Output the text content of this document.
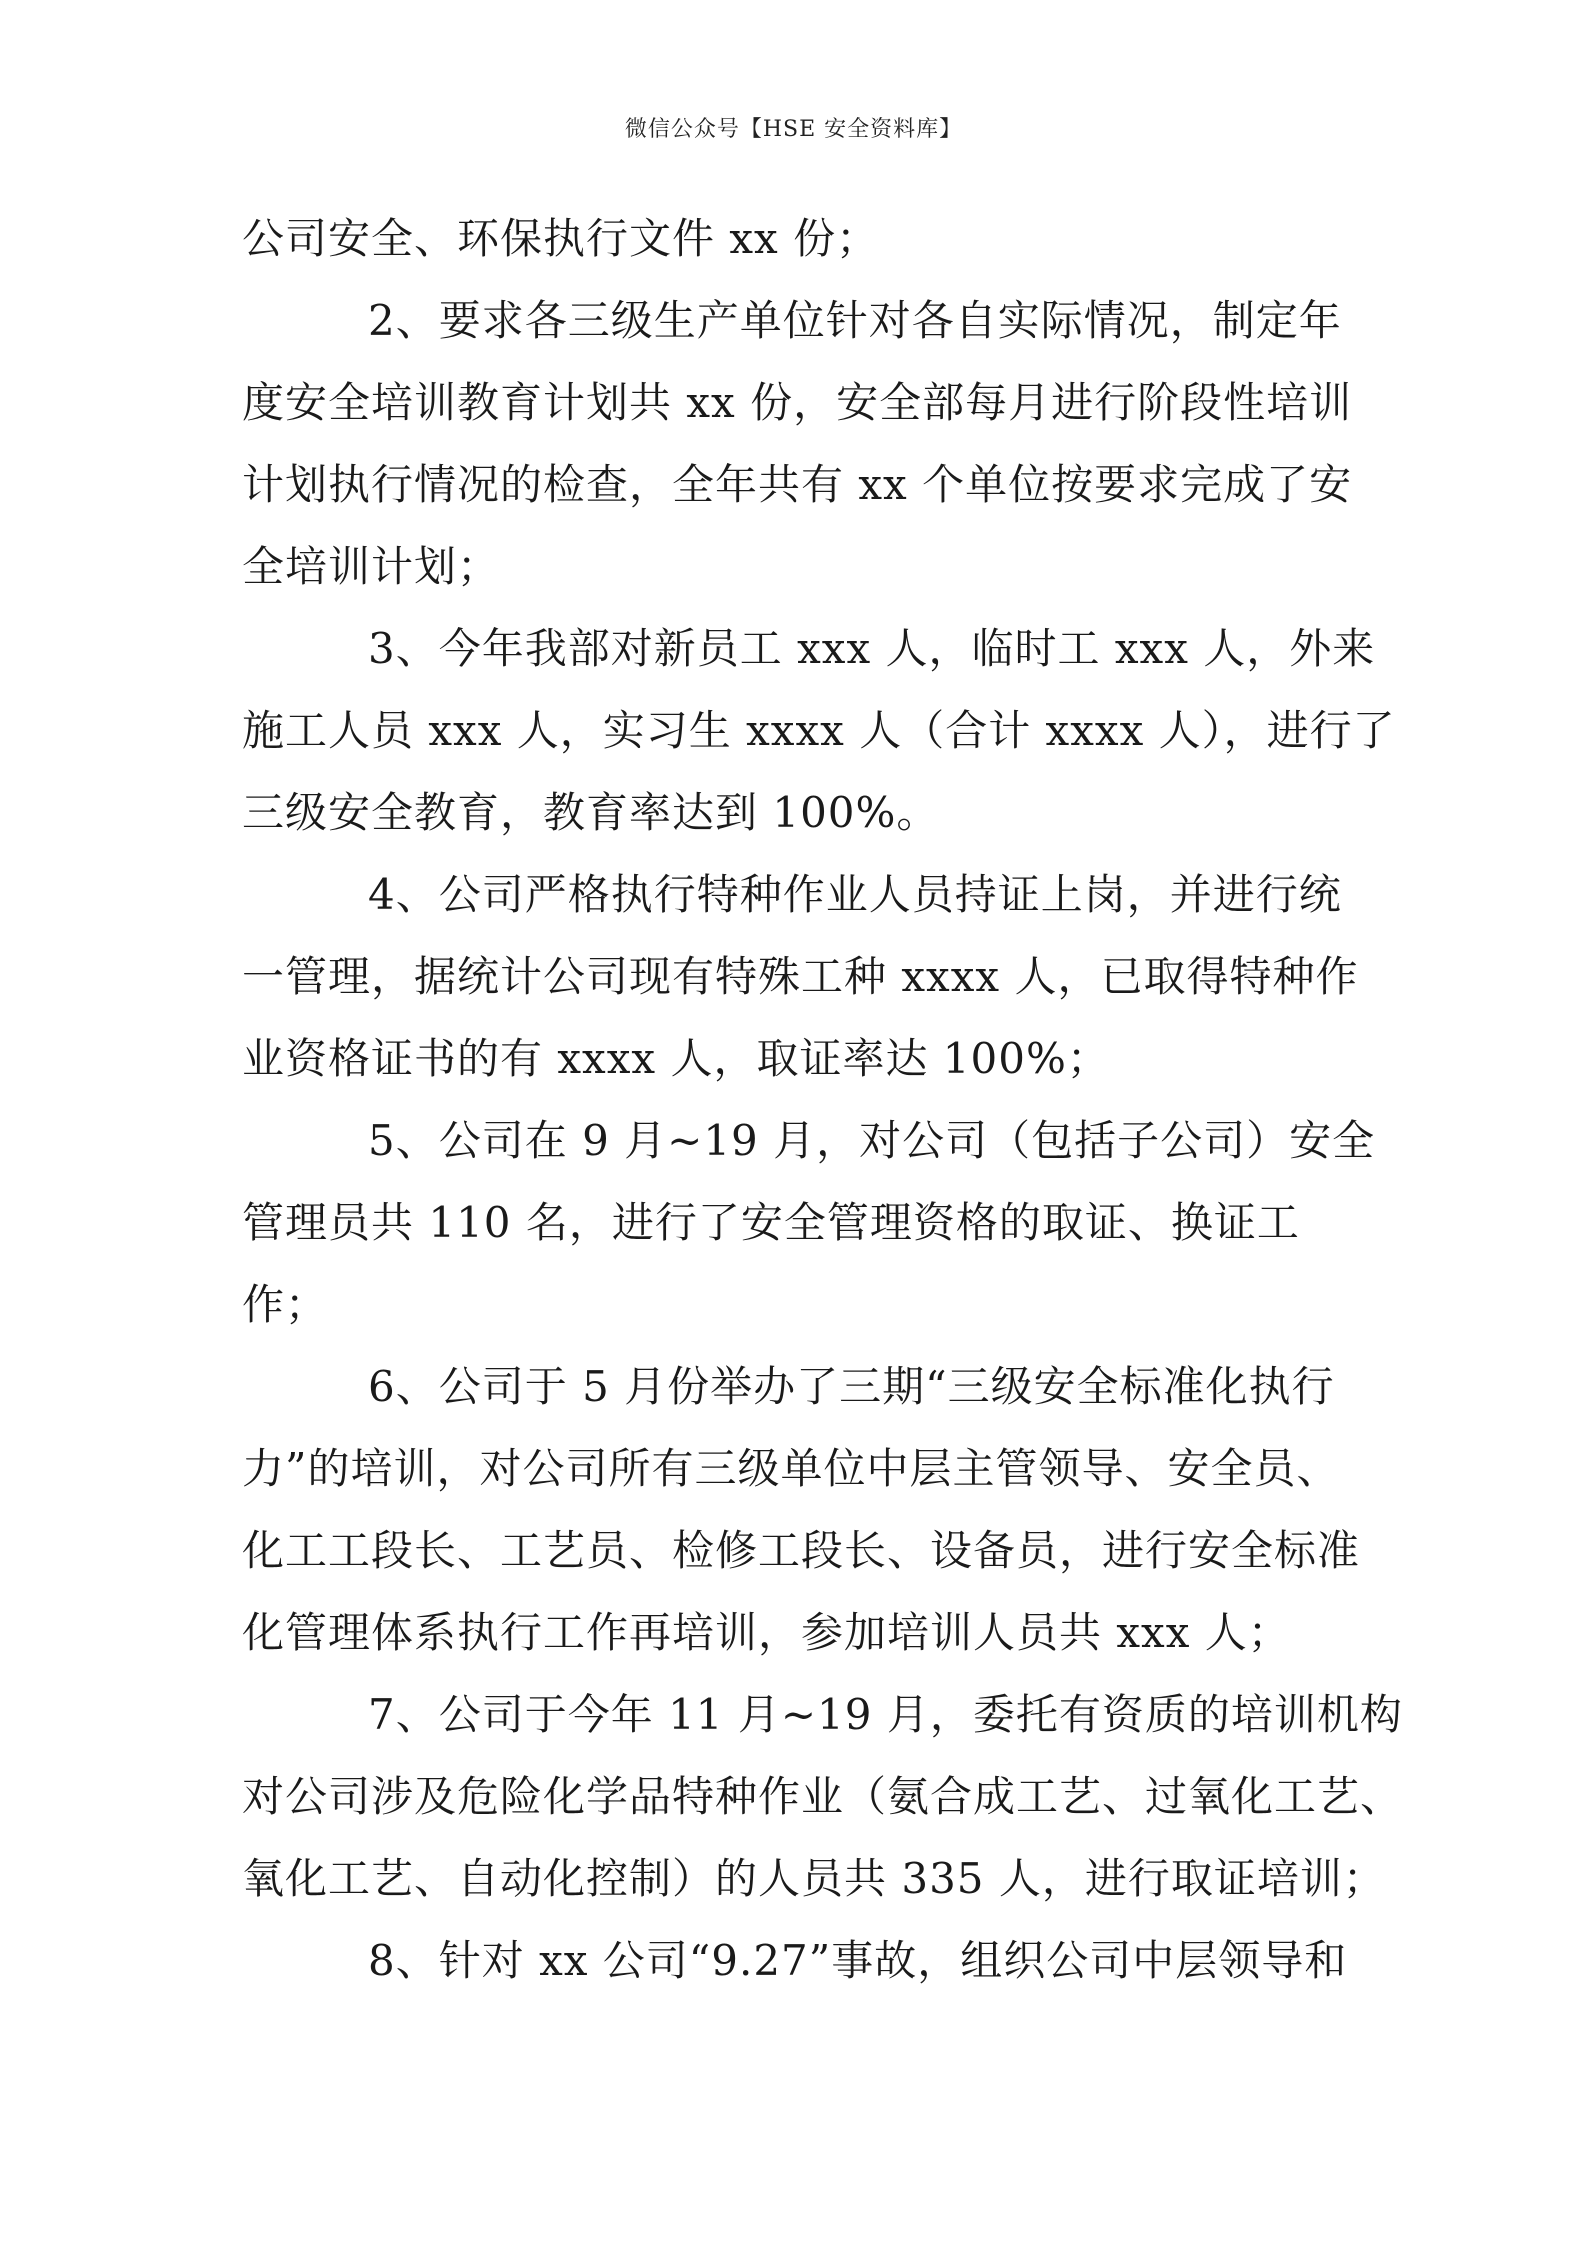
微信公众号【HSE 安全资料库】
公司安全、环保执行文件 xx 份；
2、要求各三级生产单位针对各自实际情况，制定年
度安全培训教育计划共 xx 份，安全部每月进行阶段性培训
计划执行情况的检查，全年共有 xx 个单位按要求完成了安
全培训计划；
3、今年我部对新员工 xxx 人，临时工 xxx 人，外来
施工人员 xxx 人，实习生 xxxx 人（合计 xxxx 人），进行了
三级安全教育，教育率达到 100%。
4、公司严格执行特种作业人员持证上岗，并进行统
一管理，据统计公司现有特殊工种 xxxx 人，已取得特种作
业资格证书的有 xxxx 人，取证率达 100%；
5、公司在 9 月~19 月，对公司（包括子公司）安全
管理员共 110 名，进行了安全管理资格的取证、换证工
作；
6、公司于 5 月份举办了三期“三级安全标准化执行
力”的培训，对公司所有三级单位中层主管领导、安全员、
化工工段长、工艺员、检修工段长、设备员，进行安全标准
化管理体系执行工作再培训，参加培训人员共 xxx 人；
7、公司于今年 11 月~19 月，委托有资质的培训机构
对公司涉及危险化学品特种作业（氨合成工艺、过氧化工艺、
氧化工艺、自动化控制）的人员共 335 人，进行取证培训；
8、针对 xx 公司“9.27”事故，组织公司中层领导和
